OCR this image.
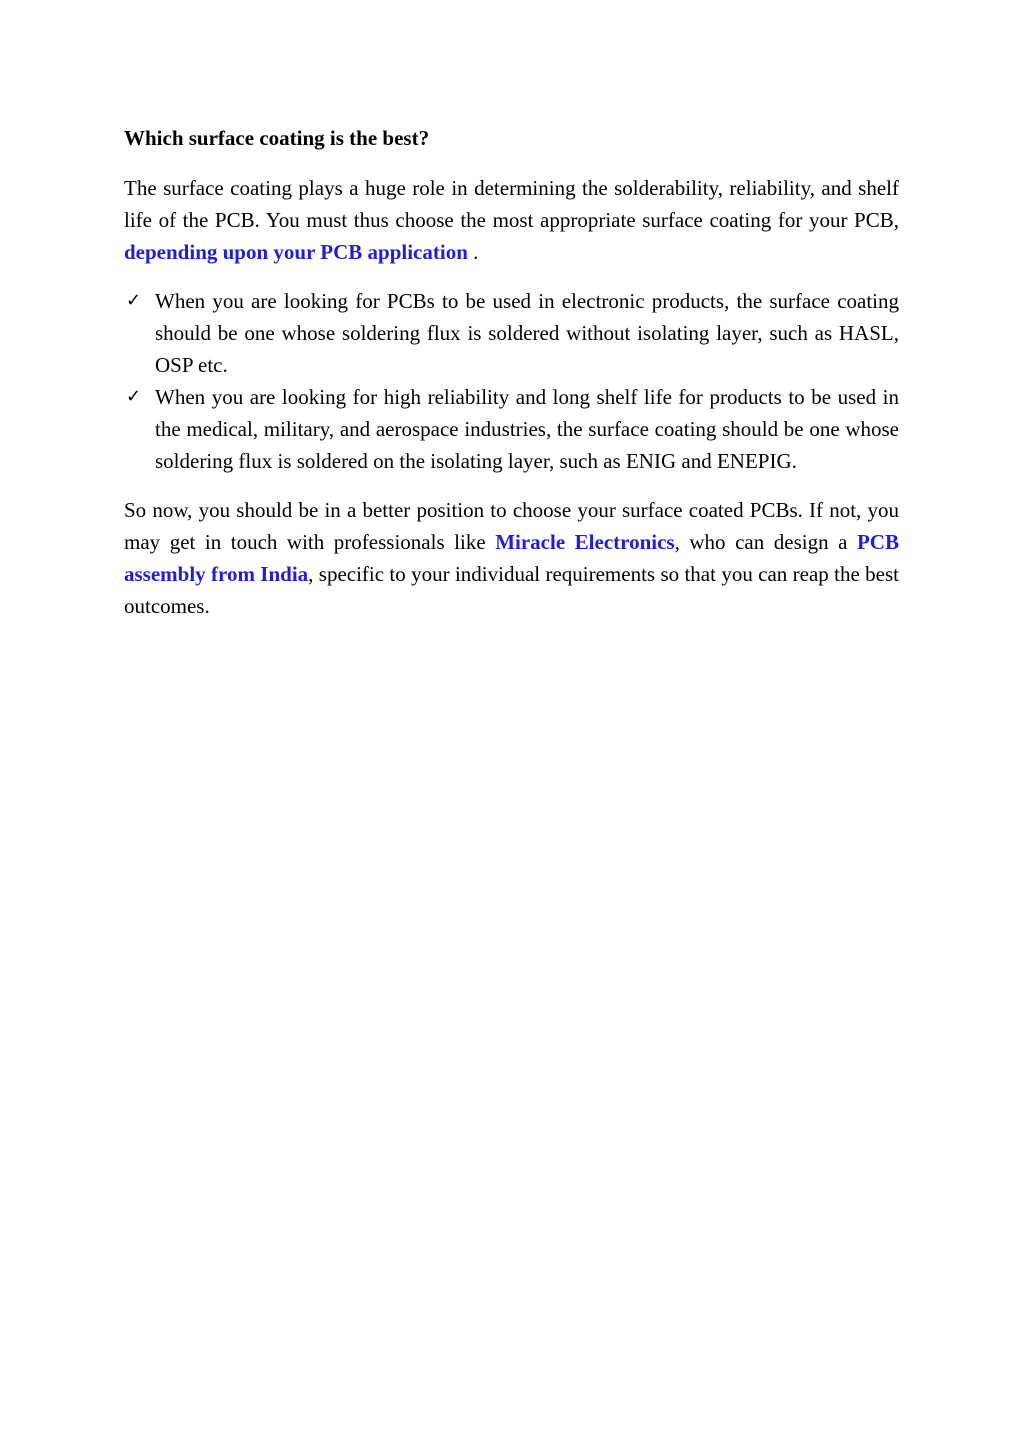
Which surface coating is the best?

The surface coating plays a huge role in determining the solderability, reliability, and shelf life of the PCB. You must thus choose the most appropriate surface coating for your PCB, depending upon your PCB application .

✓ When you are looking for PCBs to be used in electronic products, the surface coating should be one whose soldering flux is soldered without isolating layer, such as HASL, OSP etc.
✓ When you are looking for high reliability and long shelf life for products to be used in the medical, military, and aerospace industries, the surface coating should be one whose soldering flux is soldered on the isolating layer, such as ENIG and ENEPIG.

So now, you should be in a better position to choose your surface coated PCBs. If not, you may get in touch with professionals like Miracle Electronics, who can design a PCB assembly from India, specific to your individual requirements so that you can reap the best outcomes.
